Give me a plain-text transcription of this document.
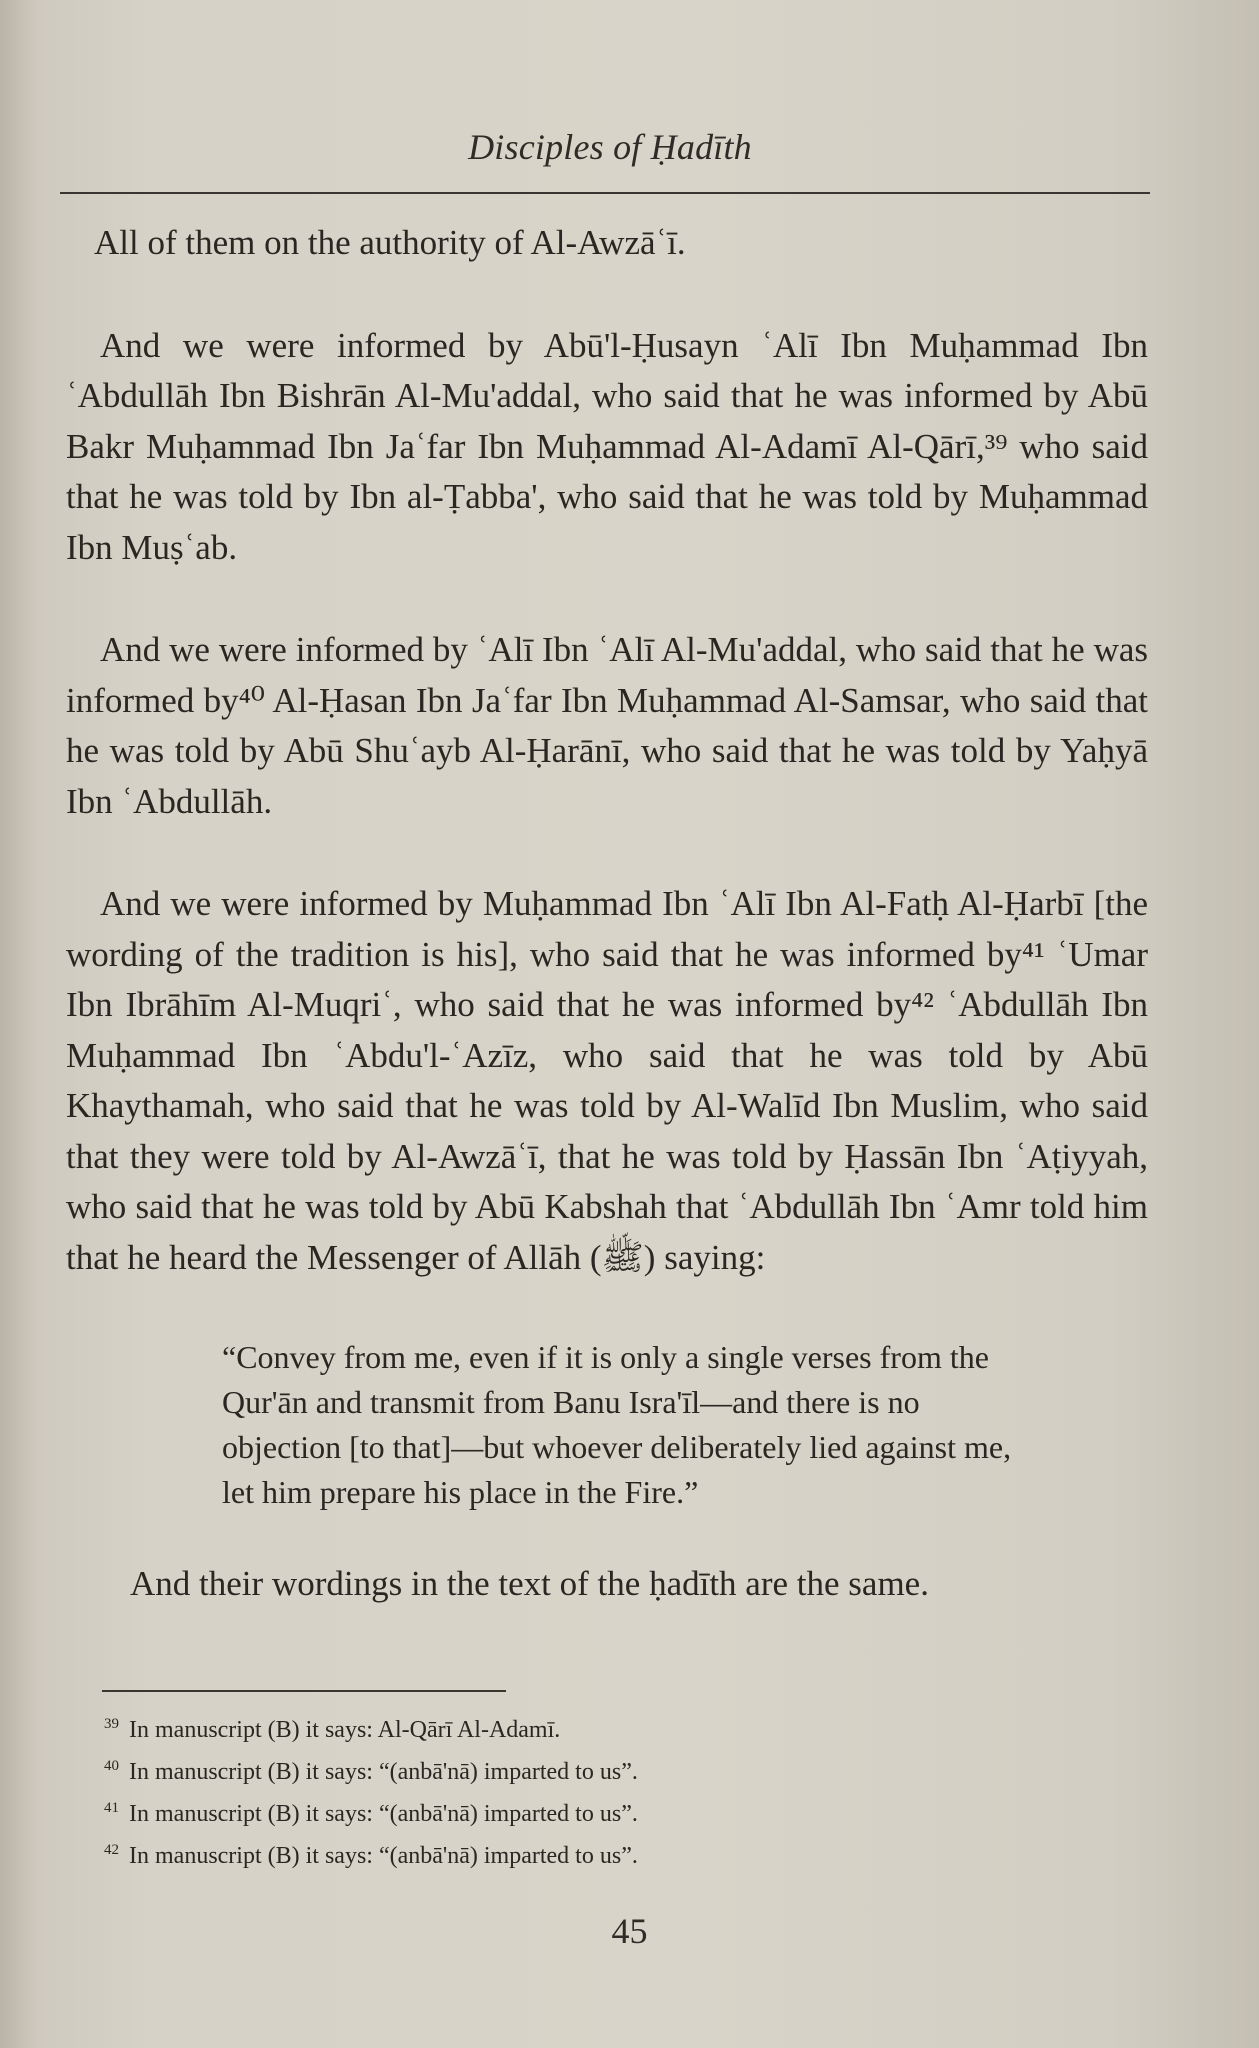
Disciples of Ḥadīth

All of them on the authority of Al-Awzāʿī.

And we were informed by Abū'l-Ḥusayn ʿAlī Ibn Muḥammad Ibn ʿAbdullāh Ibn Bishrān Al-Mu'addal, who said that he was informed by Abū Bakr Muḥammad Ibn Jaʿfar Ibn Muḥammad Al-Adamī Al-Qārī,³⁹ who said that he was told by Ibn al-Ṭabba', who said that he was told by Muḥammad Ibn Muṣʿab.

And we were informed by ʿAlī Ibn ʿAlī Al-Mu'addal, who said that he was informed by⁴⁰ Al-Ḥasan Ibn Jaʿfar Ibn Muḥammad Al-Samsar, who said that he was told by Abū Shuʿayb Al-Ḥarānī, who said that he was told by Yaḥyā Ibn ʿAbdullāh.

And we were informed by Muḥammad Ibn ʿAlī Ibn Al-Fatḥ Al-Ḥarbī [the wording of the tradition is his], who said that he was informed by⁴¹ ʿUmar Ibn Ibrāhīm Al-Muqriʿ, who said that he was informed by⁴² ʿAbdullāh Ibn Muḥammad Ibn ʿAbdu'l-ʿAzīz, who said that he was told by Abū Khaythamah, who said that he was told by Al-Walīd Ibn Muslim, who said that they were told by Al-Awzāʿī, that he was told by Ḥassān Ibn ʿAṭiyyah, who said that he was told by Abū Kabshah that ʿAbdullāh Ibn ʿAmr told him that he heard the Messenger of Allāh (ﷺ) saying:

“Convey from me, even if it is only a single verses from the Qur'ān and transmit from Banu Isra'īl—and there is no objection [to that]—but whoever deliberately lied against me, let him prepare his place in the Fire.”

And their wordings in the text of the ḥadīth are the same.

$^{39}$ In manuscript (B) it says: Al-Qārī Al-Adamī.

$^{40}$ In manuscript (B) it says: “(anbā'nā) imparted to us”.

$^{41}$ In manuscript (B) it says: “(anbā'nā) imparted to us”.

$^{42}$ In manuscript (B) it says: “(anbā'nā) imparted to us”.

45
